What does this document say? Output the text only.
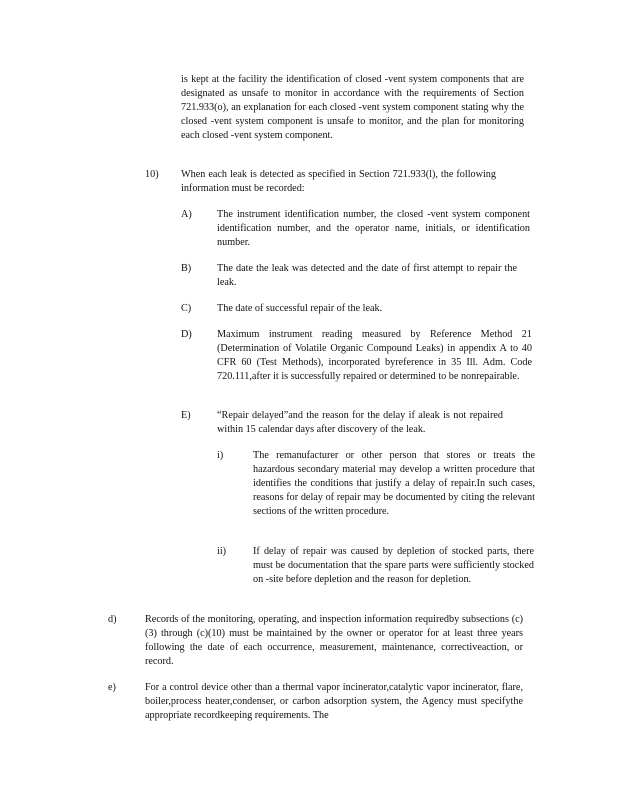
is kept at the facility the identification of closed -vent system components that are designated as unsafe to monitor in accordance with the requirements of Section 721.933(o), an explanation for each closed -vent system component stating why the closed -vent system component is unsafe to monitor, and the plan for monitoring each closed -vent system component.
10) When each leak is detected as specified in Section 721.933(l), the following information must be recorded:
A) The instrument identification number, the closed -vent system component identification number, and the operator name, initials, or identification number.
B)	The date the leak was detected and the date of first attempt to repair the leak.
C)	The date of successful repair of the leak.
D) Maximum instrument reading measured by Reference Method 21 (Determination of Volatile Organic Compound Leaks) in appendix A to 40 CFR 60 (Test Methods), incorporated byreference in 35 Ill. Adm. Code 720.111,after it is successfully repaired or determined to be nonrepairable.
E)	“Repair delayed”and the reason for the delay if aleak is not repaired within 15 calendar days after discovery of the leak.
i)	The remanufacturer or other person that stores or treats the hazardous secondary material may develop a written procedure that identifies the conditions that justify a delay of repair.In such cases, reasons for delay of repair may be documented by citing the relevant sections of the written procedure.
ii)	If delay of repair was caused by depletion of stocked parts, there must be documentation that the spare parts were sufficiently stocked on -site before depletion and the reason for depletion.
d)	Records of the monitoring, operating, and inspection information requiredby subsections (c)(3) through (c)(10) must be maintained by the owner or operator for at least three years following the date of each occurrence, measurement, maintenance, correctiveaction, or record.
e)	For a control device other than a thermal vapor incinerator,catalytic vapor incinerator, flare, boiler,process heater,condenser, or carbon adsorption system, the Agency must specifythe appropriate recordkeeping requirements. The
